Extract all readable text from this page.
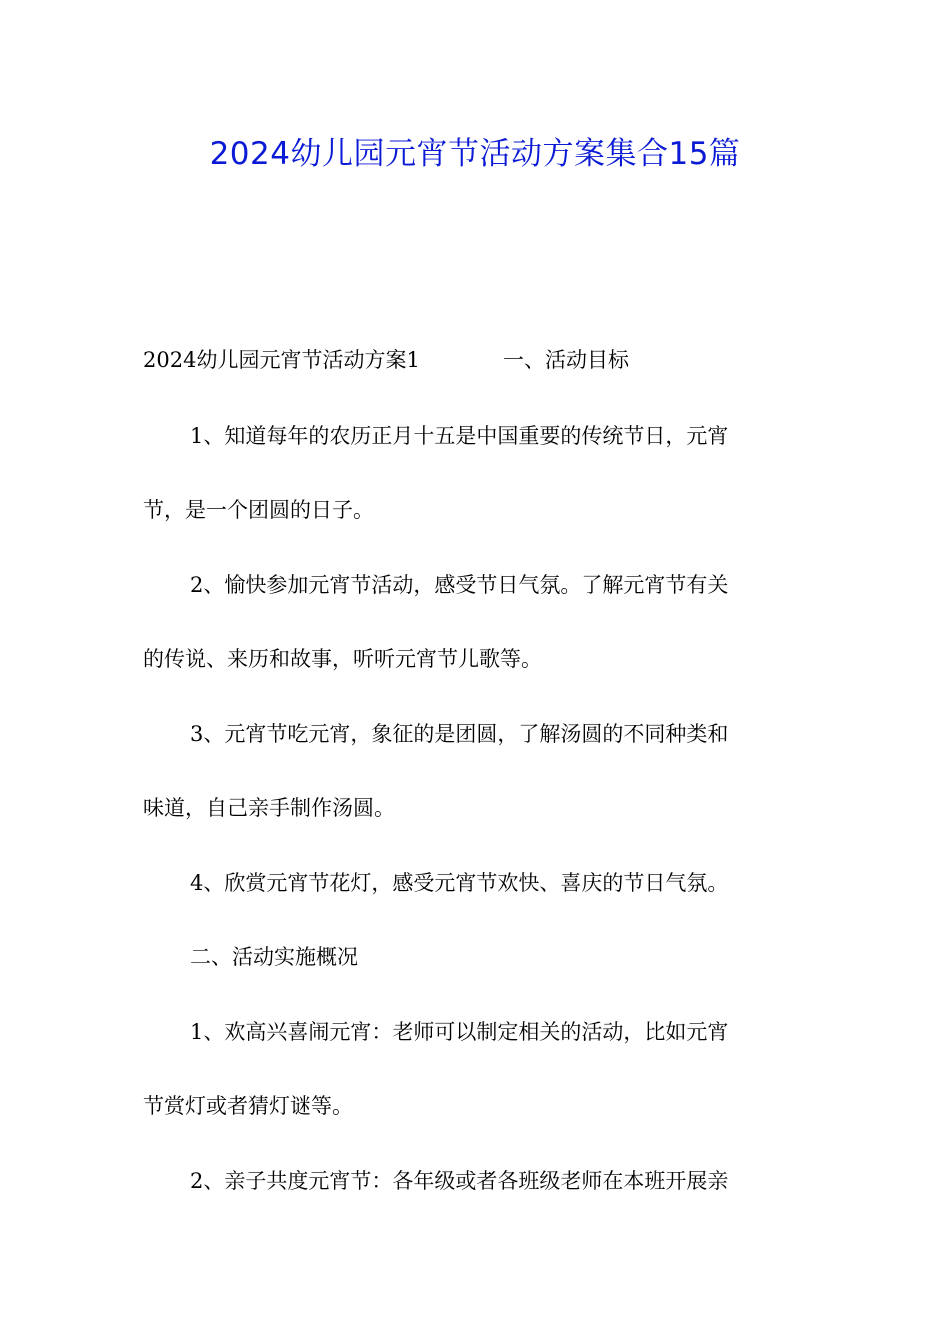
2024幼儿园元宵节活动方案集合15篇
2024幼儿园元宵节活动方案1	一、活动目标

1、知道每年的农历正月十五是中国重要的传统节日，元宵

节，是一个团圆的日子。

2、愉快参加元宵节活动，感受节日气氛。了解元宵节有关

的传说、来历和故事，听听元宵节儿歌等。

3、元宵节吃元宵，象征的是团圆，了解汤圆的不同种类和

味道，自己亲手制作汤圆。

4、欣赏元宵节花灯，感受元宵节欢快、喜庆的节日气氛。

二、活动实施概况

1、欢高兴喜闹元宵：老师可以制定相关的活动，比如元宵

节赏灯或者猜灯谜等。

2、亲子共度元宵节：各年级或者各班级老师在本班开展亲
